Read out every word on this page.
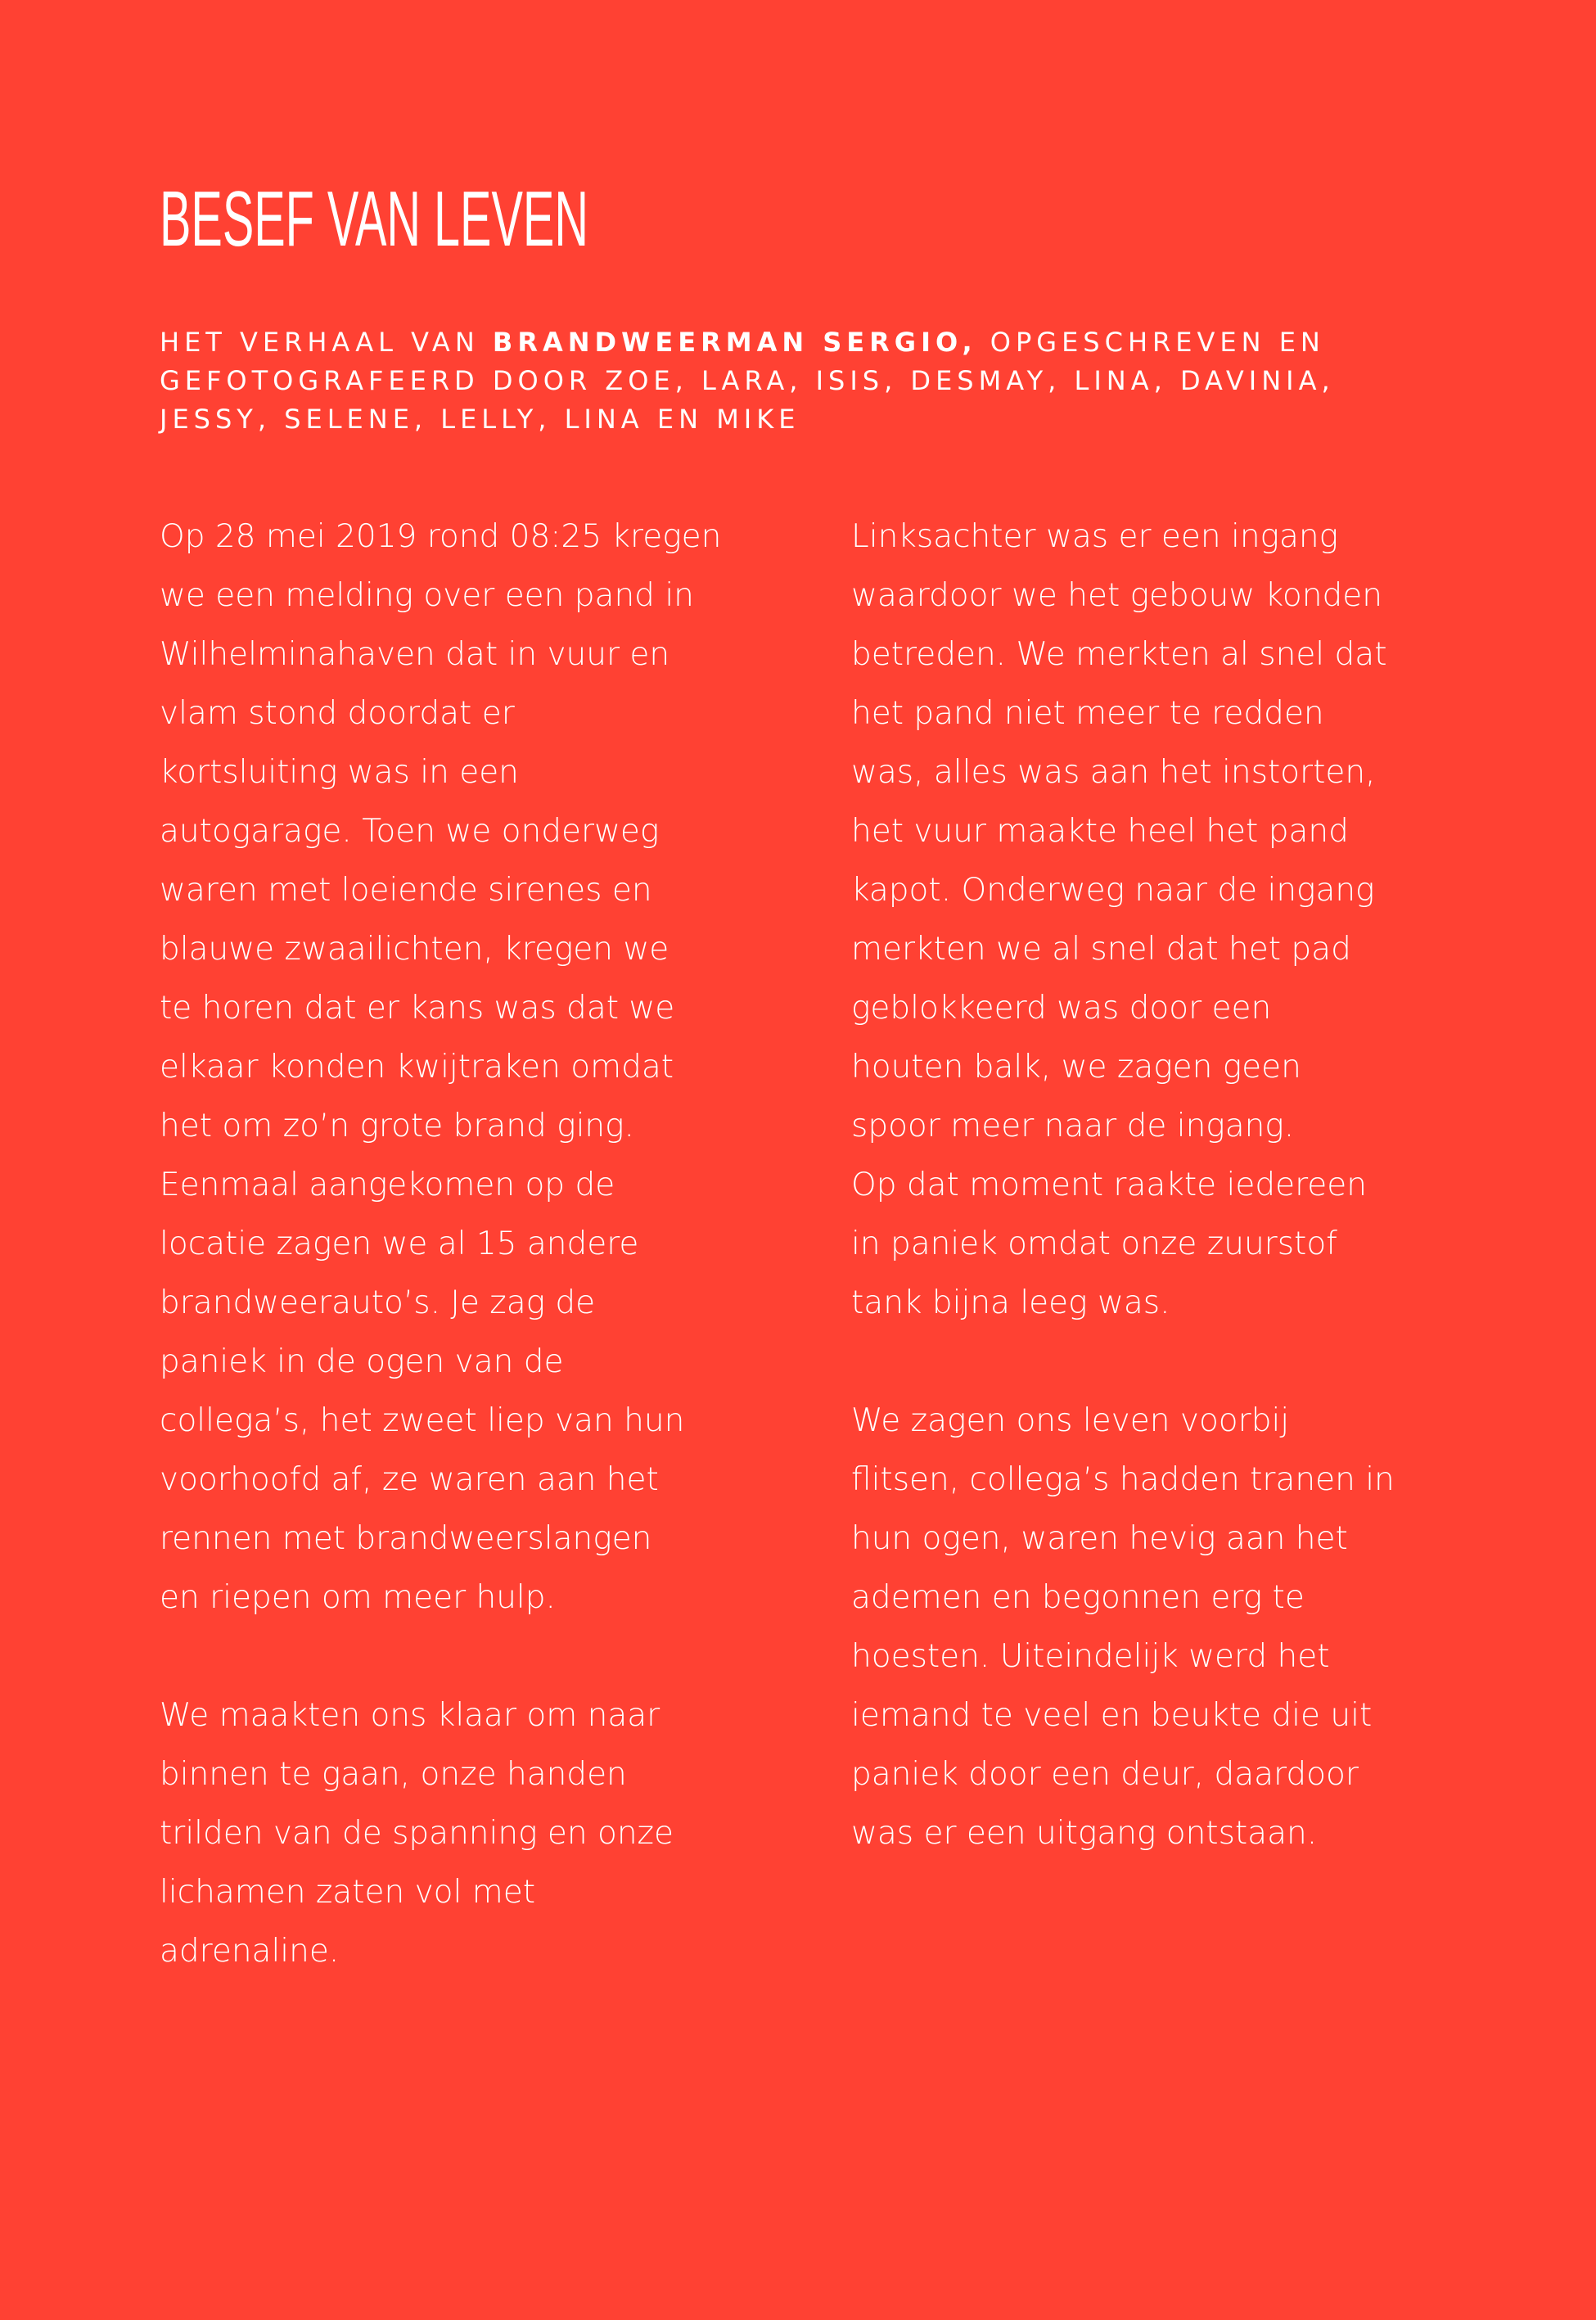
BESEF VAN LEVEN

HET VERHAAL VAN BRANDWEERMAN SERGIO, OPGESCHREVEN EN GEFOTOGRAFEERD DOOR ZOE, LARA, ISIS, DESMAY, LINA, DAVINIA, JESSY, SELENE, LELLY, LINA EN MIKE

Op 28 mei 2019 rond 08:25 kregen
we een melding over een pand in
Wilhelminahaven dat in vuur en
vlam stond doordat er
kortsluiting was in een
autogarage. Toen we onderweg
waren met loeiende sirenes en
blauwe zwaailichten, kregen we
te horen dat er kans was dat we
elkaar konden kwijtraken omdat
het om zo’n grote brand ging.
Eenmaal aangekomen op de
locatie zagen we al 15 andere
brandweerauto’s. Je zag de
paniek in de ogen van de
collega’s, het zweet liep van hun
voorhoofd af, ze waren aan het
rennen met brandweerslangen
en riepen om meer hulp.

We maakten ons klaar om naar
binnen te gaan, onze handen
trilden van de spanning en onze
lichamen zaten vol met
adrenaline.

Linksachter was er een ingang
waardoor we het gebouw konden
betreden. We merkten al snel dat
het pand niet meer te redden
was, alles was aan het instorten,
het vuur maakte heel het pand
kapot. Onderweg naar de ingang
merkten we al snel dat het pad
geblokkeerd was door een
houten balk, we zagen geen
spoor meer naar de ingang.
Op dat moment raakte iedereen
in paniek omdat onze zuurstof
tank bijna leeg was.

We zagen ons leven voorbij
flitsen, collega’s hadden tranen in
hun ogen, waren hevig aan het
ademen en begonnen erg te
hoesten. Uiteindelijk werd het
iemand te veel en beukte die uit
paniek door een deur, daardoor
was er een uitgang ontstaan.
